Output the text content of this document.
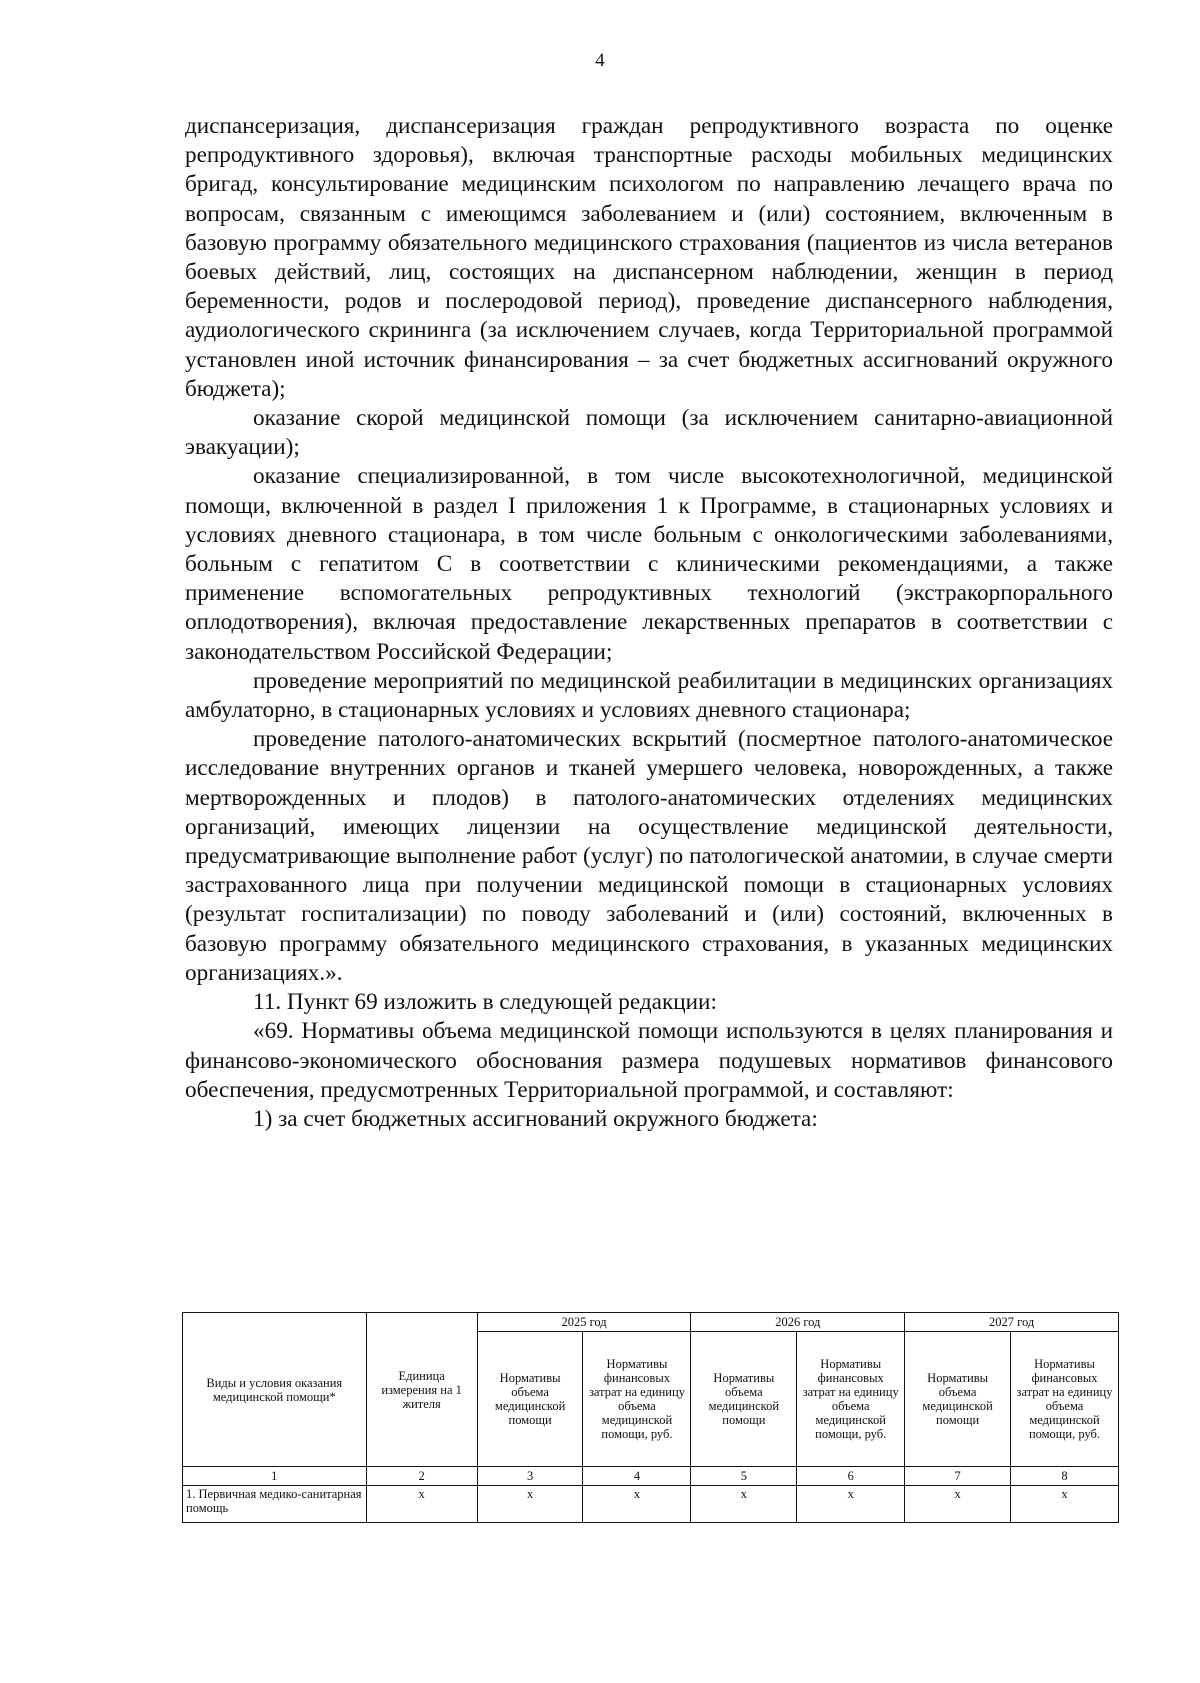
4

диспансеризация, диспансеризация граждан репродуктивного возраста по оценке репродуктивного здоровья), включая транспортные расходы мобильных медицинских бригад, консультирование медицинским психологом по направлению лечащего врача по вопросам, связанным с имеющимся заболеванием и (или) состоянием, включенным в базовую программу обязательного медицинского страхования (пациентов из числа ветеранов боевых действий, лиц, состоящих на диспансерном наблюдении, женщин в период беременности, родов и послеродовой период), проведение диспансерного наблюдения, аудиологического скрининга (за исключением случаев, когда Территориальной программой установлен иной источник финансирования – за счет бюджетных ассигнований окружного бюджета);

оказание скорой медицинской помощи (за исключением санитарно-авиационной эвакуации);

оказание специализированной, в том числе высокотехнологичной, медицинской помощи, включенной в раздел I приложения 1 к Программе, в стационарных условиях и условиях дневного стационара, в том числе больным с онкологическими заболеваниями, больным с гепатитом С в соответствии с клиническими рекомендациями, а также применение вспомогательных репродуктивных технологий (экстракорпорального оплодотворения), включая предоставление лекарственных препаратов в соответствии с законодательством Российской Федерации;

проведение мероприятий по медицинской реабилитации в медицинских организациях амбулаторно, в стационарных условиях и условиях дневного стационара;

проведение патолого-анатомических вскрытий (посмертное патолого-анатомическое исследование внутренних органов и тканей умершего человека, новорожденных, а также мертворожденных и плодов) в патолого-анатомических отделениях медицинских организаций, имеющих лицензии на осуществление медицинской деятельности, предусматривающие выполнение работ (услуг) по патологической анатомии, в случае смерти застрахованного лица при получении медицинской помощи в стационарных условиях (результат госпитализации) по поводу заболеваний и (или) состояний, включенных в базовую программу обязательного медицинского страхования, в указанных медицинских организациях.».

11. Пункт 69 изложить в следующей редакции:

«69. Нормативы объема медицинской помощи используются в целях планирования и финансово-экономического обоснования размера подушевых нормативов финансового обеспечения, предусмотренных Территориальной программой, и составляют:

1) за счет бюджетных ассигнований окружного бюджета:

Виды и условия оказания медицинской помощи*	Единица измерения на 1 жителя	2025 год		2026 год		2027 год	
		Нормативы объема медицинской помощи	Нормативы финансовых затрат на единицу объема медицинской помощи, руб.	Нормативы объема медицинской помощи	Нормативы финансовых затрат на единицу объема медицинской помощи, руб.	Нормативы объема медицинской помощи	Нормативы финансовых затрат на единицу объема медицинской помощи, руб.
1	2	3	4	5	6	7	8
1. Первичная медико-санитарная помощь	x	x	x	x	x	x	x
